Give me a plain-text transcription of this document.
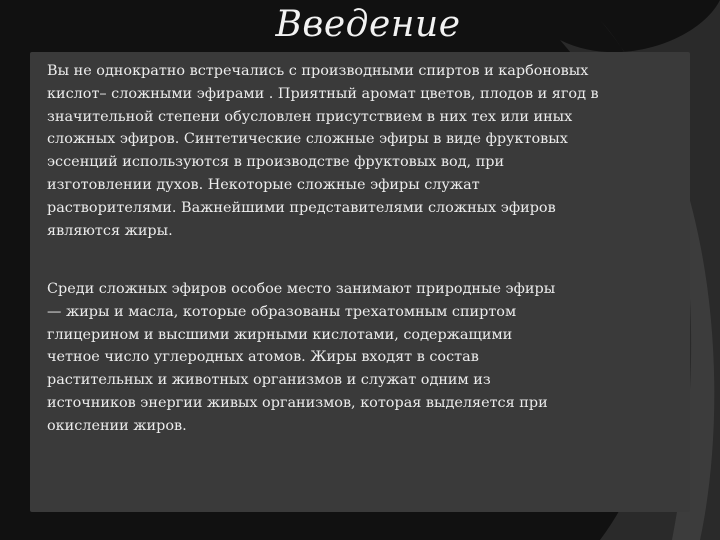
Введение

Вы не однократно встречались с производными спиртов и карбоновых кислот– сложными эфирами . Приятный аромат цветов, плодов и ягод в значительной степени обусловлен присутствием в них тех или иных сложных эфиров. Синтетические сложные эфиры в виде фруктовых эссенций используются в производстве фруктовых вод, при изготовлении духов. Некоторые сложные эфиры служат растворителями. Важнейшими представителями сложных эфиров являются жиры.

Среди сложных эфиров особое место занимают природные эфиры — жиры и масла, которые образованы трехатомным спиртом глицерином и высшими жирными кислотами, содержащими четное число углеродных атомов. Жиры входят в состав растительных и животных организмов и служат одним из источников энергии живых организмов, которая выделяется при окислении жиров.
